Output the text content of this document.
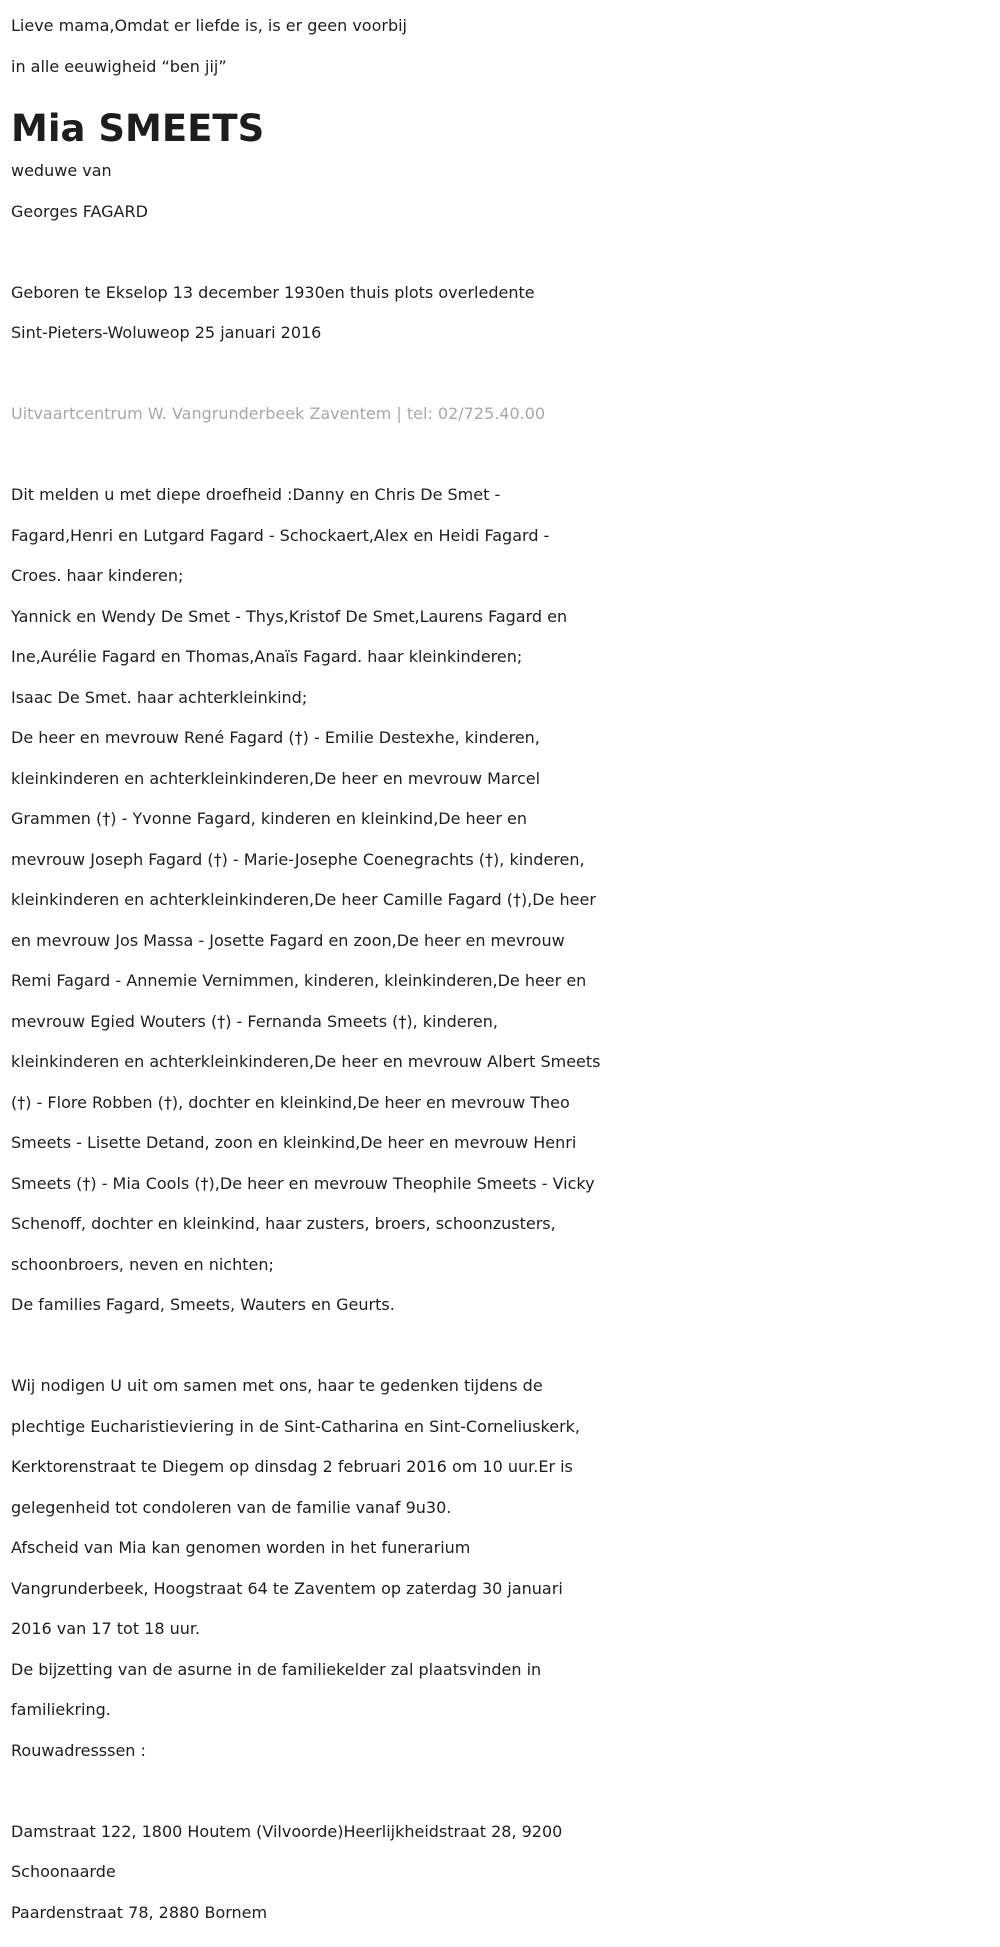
Lieve mama,Omdat er liefde is, is er geen voorbij
in alle eeuwigheid “ben jij”
Mia SMEETS
weduwe van
Georges FAGARD
Geboren te Ekselop 13 december 1930en thuis plots overledente
Sint-Pieters-Woluweop 25 januari 2016
Uitvaartcentrum W. Vangrunderbeek Zaventem | tel: 02/725.40.00
Dit melden u met diepe droefheid :Danny en Chris De Smet -
Fagard,Henri en Lutgard Fagard - Schockaert,Alex en Heidi Fagard -
Croes. haar kinderen;
Yannick en Wendy De Smet - Thys,Kristof De Smet,Laurens Fagard en
Ine,Aurélie Fagard en Thomas,Anaïs Fagard. haar kleinkinderen;
Isaac De Smet. haar achterkleinkind;
De heer en mevrouw René Fagard (†) - Emilie Destexhe, kinderen,
kleinkinderen en achterkleinkinderen,De heer en mevrouw Marcel
Grammen (†) - Yvonne Fagard, kinderen en kleinkind,De heer en
mevrouw Joseph Fagard (†) - Marie-Josephe Coenegrachts (†), kinderen,
kleinkinderen en achterkleinkinderen,De heer Camille Fagard (†),De heer
en mevrouw Jos Massa - Josette Fagard en zoon,De heer en mevrouw
Remi Fagard - Annemie Vernimmen, kinderen, kleinkinderen,De heer en
mevrouw Egied Wouters (†) - Fernanda Smeets (†), kinderen,
kleinkinderen en achterkleinkinderen,De heer en mevrouw Albert Smeets
(†) - Flore Robben (†), dochter en kleinkind,De heer en mevrouw Theo
Smeets - Lisette Detand, zoon en kleinkind,De heer en mevrouw Henri
Smeets (†) - Mia Cools (†),De heer en mevrouw Theophile Smeets - Vicky
Schenoff, dochter en kleinkind, haar zusters, broers, schoonzusters,
schoonbroers, neven en nichten;
De families Fagard, Smeets, Wauters en Geurts.
Wij nodigen U uit om samen met ons, haar te gedenken tijdens de
plechtige Eucharistieviering in de Sint-Catharina en Sint-Corneliuskerk,
Kerktorenstraat te Diegem op dinsdag 2 februari 2016 om 10 uur.Er is
gelegenheid tot condoleren van de familie vanaf 9u30.
Afscheid van Mia kan genomen worden in het funerarium
Vangrunderbeek, Hoogstraat 64 te Zaventem op zaterdag 30 januari
2016 van 17 tot 18 uur.
De bijzetting van de asurne in de familiekelder zal plaatsvinden in
familiekring.
Rouwadresssen :
Damstraat 122, 1800 Houtem (Vilvoorde)Heerlijkheidstraat 28, 9200
Schoonaarde
Paardenstraat 78, 2880 Bornem
